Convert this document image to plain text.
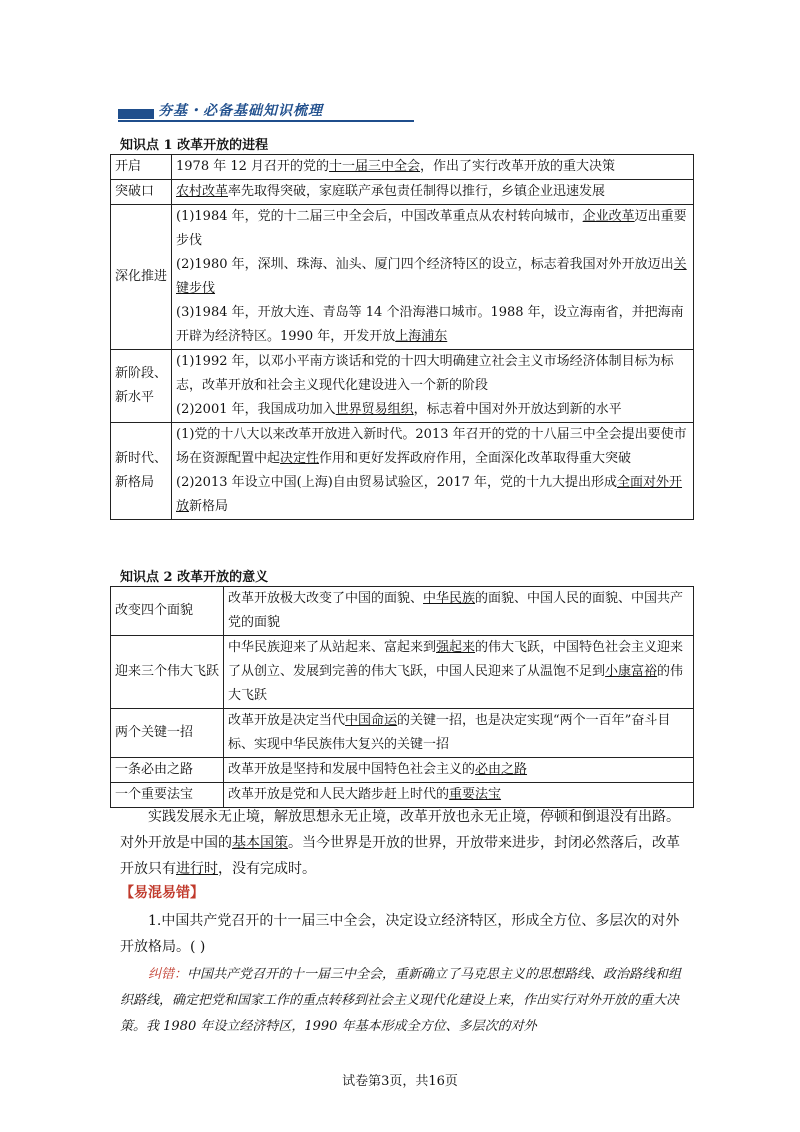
夯基・必备基础知识梳理
知识点 1 改革开放的进程
开启	1978 年 12 月召开的党的十一届三中全会，作出了实行改革开放的重大决策
突破口	农村改革率先取得突破，家庭联产承包责任制得以推行，乡镇企业迅速发展
深化推进	(1)1984 年，党的十二届三中全会后，中国改革重点从农村转向城市，企业改革迈出重要步伐
(2)1980 年，深圳、珠海、汕头、厦门四个经济特区的设立，标志着我国对外开放迈出关键步伐
(3)1984 年，开放大连、青岛等 14 个沿海港口城市。1988 年，设立海南省，并把海南开辟为经济特区。1990 年，开发开放上海浦东

新阶段、新水平	(1)1992 年，以邓小平南方谈话和党的十四大明确建立社会主义市场经济体制目标为标志，改革开放和社会主义现代化建设进入一个新的阶段
(2)2001 年，我国成功加入世界贸易组织，标志着中国对外开放达到新的水平

新时代、新格局	(1)党的十八大以来改革开放进入新时代。2013 年召开的党的十八届三中全会提出要使市场在资源配置中起决定性作用和更好发挥政府作用，全面深化改革取得重大突破
(2)2013 年设立中国(上海)自由贸易试验区，2017 年，党的十九大提出形成全面对外开放新格局
知识点 2 改革开放的意义
改变四个面貌	改革开放极大改变了中国的面貌、中华民族的面貌、中国人民的面貌、中国共产党的面貌
迎来三个伟大飞跃	中华民族迎来了从站起来、富起来到强起来的伟大飞跃，中国特色社会主义迎来了从创立、发展到完善的伟大飞跃，中国人民迎来了从温饱不足到小康富裕的伟大飞跃
两个关键一招	改革开放是决定当代中国命运的关键一招，也是决定实现“两个一百年”奋斗目标、实现中华民族伟大复兴的关键一招
一条必由之路	改革开放是坚持和发展中国特色社会主义的必由之路
一个重要法宝	改革开放是党和人民大踏步赶上时代的重要法宝
实践发展永无止境，解放思想永无止境，改革开放也永无止境，停顿和倒退没有出路。对外开放是中国的基本国策。当今世界是开放的世界，开放带来进步，封闭必然落后，改革开放只有进行时，没有完成时。
【易混易错】
1.中国共产党召开的十一届三中全会，决定设立经济特区，形成全方位、多层次的对外开放格局。( )
纠错：中国共产党召开的十一届三中全会，重新确立了马克思主义的思想路线、政治路线和组织路线，确定把党和国家工作的重点转移到社会主义现代化建设上来，作出实行对外开放的重大决策。我 1980 年设立经济特区，1990 年基本形成全方位、多层次的对外
试卷第3页，共16页
